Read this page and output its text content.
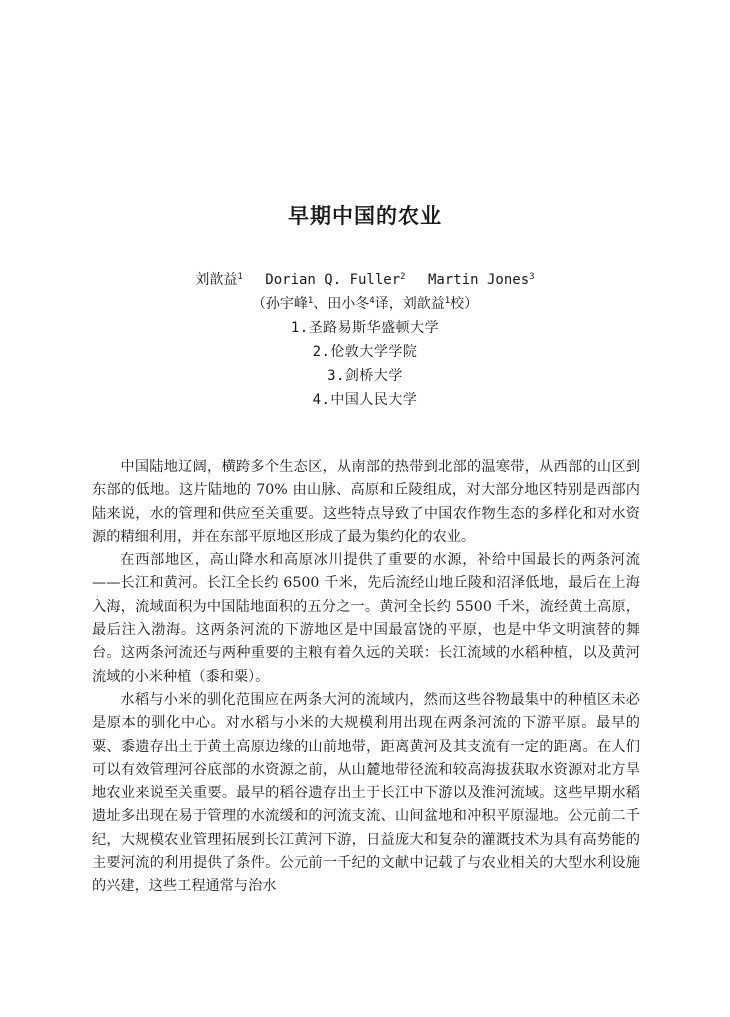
早期中国的农业
刘歆益$^1$ Dorian Q. Fuller$^2$ Martin Jones$^3$
（孙宇峰$^1$、田小冬$^4$译，刘歆益$^1$校）
1.圣路易斯华盛顿大学
2.伦敦大学学院
3.剑桥大学
4.中国人民大学

中国陆地辽阔，横跨多个生态区，从南部的热带到北部的温寒带，从西部的山区到东部的低地。这片陆地的 70% 由山脉、高原和丘陵组成，对大部分地区特别是西部内陆来说，水的管理和供应至关重要。这些特点导致了中国农作物生态的多样化和对水资源的精细利用，并在东部平原地区形成了最为集约化的农业。

在西部地区，高山降水和高原冰川提供了重要的水源，补给中国最长的两条河流——长江和黄河。长江全长约 6500 千米，先后流经山地丘陵和沼泽低地，最后在上海入海，流域面积为中国陆地面积的五分之一。黄河全长约 5500 千米，流经黄土高原，最后注入渤海。这两条河流的下游地区是中国最富饶的平原，也是中华文明演替的舞台。这两条河流还与两种重要的主粮有着久远的关联：长江流域的水稻种植，以及黄河流域的小米种植（黍和粟）。

水稻与小米的驯化范围应在两条大河的流域内，然而这些谷物最集中的种植区未必是原本的驯化中心。对水稻与小米的大规模利用出现在两条河流的下游平原。最早的粟、黍遗存出土于黄土高原边缘的山前地带，距离黄河及其支流有一定的距离。在人们可以有效管理河谷底部的水资源之前，从山麓地带径流和较高海拔获取水资源对北方旱地农业来说至关重要。最早的稻谷遗存出土于长江中下游以及淮河流域。这些早期水稻遗址多出现在易于管理的水流缓和的河流支流、山间盆地和冲积平原湿地。公元前二千纪，大规模农业管理拓展到长江黄河下游，日益庞大和复杂的灌溉技术为具有高势能的主要河流的利用提供了条件。公元前一千纪的文献中记载了与农业相关的大型水利设施的兴建，这些工程通常与治水
